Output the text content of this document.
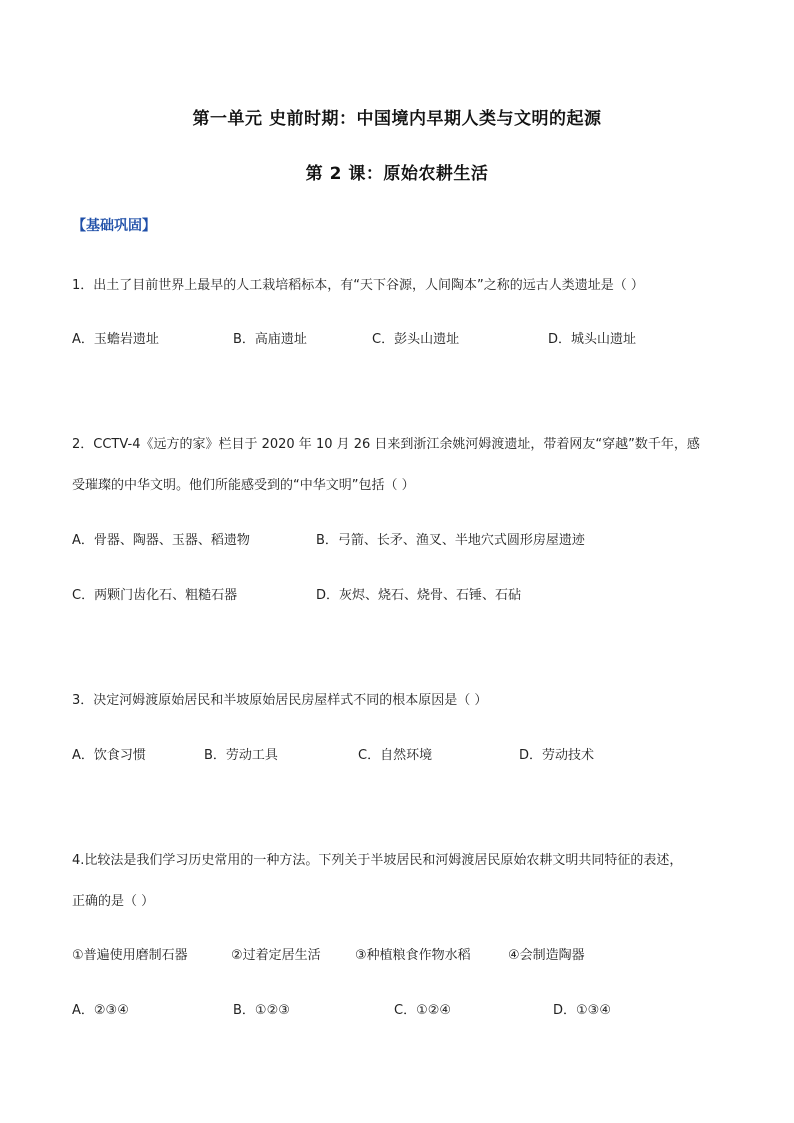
第一单元 史前时期：中国境内早期人类与文明的起源
第 2 课：原始农耕生活
【基础巩固】
1．出土了目前世界上最早的人工栽培稻标本，有“天下谷源，人间陶本”之称的远古人类遗址是（ ）
A．玉蟾岩遗址	B．高庙遗址	C．彭头山遗址	D．城头山遗址
2．CCTV-4《远方的家》栏目于 2020 年 10 月 26 日来到浙江余姚河姆渡遗址，带着网友“穿越”数千年，感
受璀璨的中华文明。他们所能感受到的“中华文明”包括（ ）
A．骨器、陶器、玉器、稻遗物	B．弓箭、长矛、渔叉、半地穴式圆形房屋遗迹
C．两颗门齿化石、粗糙石器	D．灰烬、烧石、烧骨、石锤、石砧
3．决定河姆渡原始居民和半坡原始居民房屋样式不同的根本原因是（ ）
A．饮食习惯	B．劳动工具	C．自然环境	D．劳动技术
4.比较法是我们学习历史常用的一种方法。下列关于半坡居民和河姆渡居民原始农耕文明共同特征的表述，
正确的是（ ）
①普遍使用磨制石器	②过着定居生活	③种植粮食作物水稻	④会制造陶器
A．②③④	B．①②③	C．①②④	D．①③④
